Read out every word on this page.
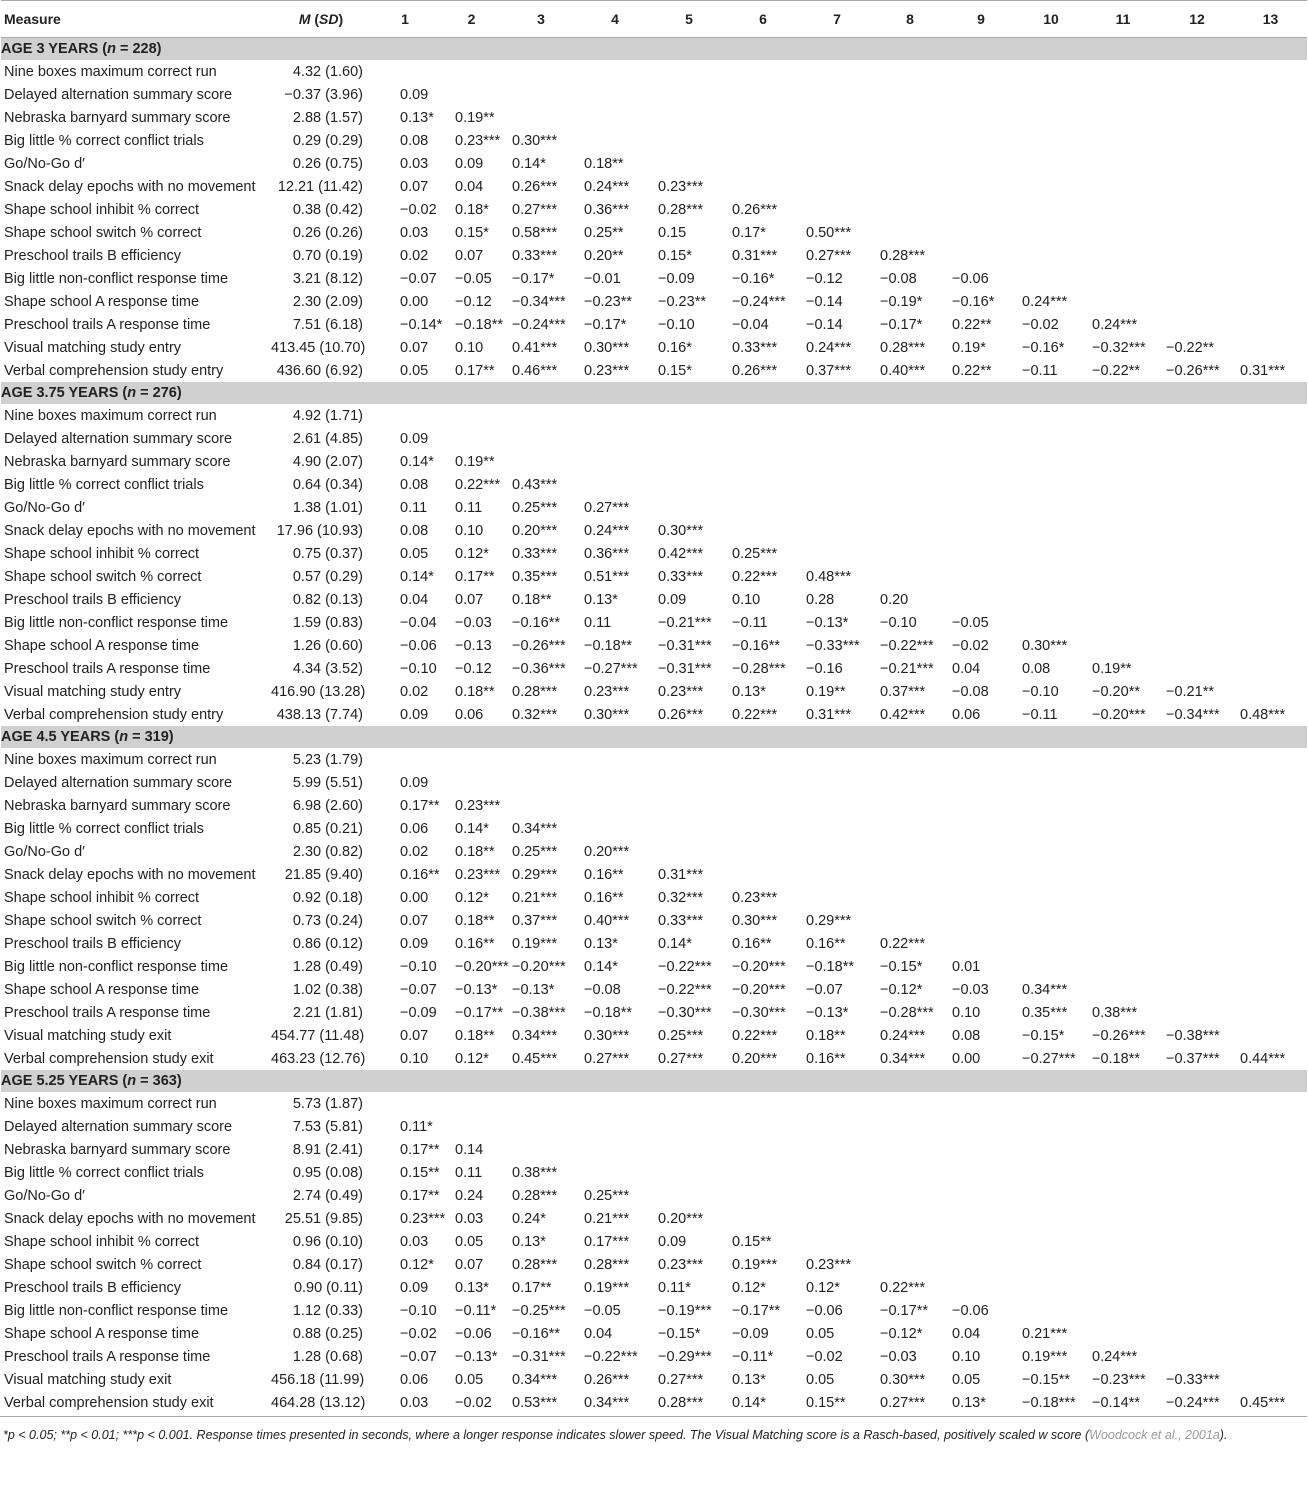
Measure	M (SD)	1	2	3	4	5	6	7	8	9	10	11	12	13
AGE 3 YEARS (n = 228)														
Nine boxes maximum correct run	4.32 (1.60)													
Delayed alternation summary score	−0.37 (3.96)	0.09												
Nebraska barnyard summary score	2.88 (1.57)	0.13*	0.19**											
Big little % correct conflict trials	0.29 (0.29)	0.08	0.23***	0.30***										
Go/No-Go d′	0.26 (0.75)	0.03	0.09	0.14*	0.18**									
Snack delay epochs with no movement	12.21 (11.42)	0.07	0.04	0.26***	0.24***	0.23***								
Shape school inhibit % correct	0.38 (0.42)	−0.02	0.18*	0.27***	0.36***	0.28***	0.26***							
Shape school switch % correct	0.26 (0.26)	0.03	0.15*	0.58***	0.25**	0.15	0.17*	0.50***						
Preschool trails B efficiency	0.70 (0.19)	0.02	0.07	0.33***	0.20**	0.15*	0.31***	0.27***	0.28***					
Big little non-conflict response time	3.21 (8.12)	−0.07	−0.05	−0.17*	−0.01	−0.09	−0.16*	−0.12	−0.08	−0.06				
Shape school A response time	2.30 (2.09)	0.00	−0.12	−0.34***	−0.23**	−0.23**	−0.24***	−0.14	−0.19*	−0.16*	0.24***			
Preschool trails A response time	7.51 (6.18)	−0.14*	−0.18**	−0.24***	−0.17*	−0.10	−0.04	−0.14	−0.17*	0.22**	−0.02	0.24***		
Visual matching study entry	413.45 (10.70)	0.07	0.10	0.41***	0.30***	0.16*	0.33***	0.24***	0.28***	0.19*	−0.16*	−0.32***	−0.22**	
Verbal comprehension study entry	436.60 (6.92)	0.05	0.17**	0.46***	0.23***	0.15*	0.26***	0.37***	0.40***	0.22**	−0.11	−0.22**	−0.26***	0.31***
AGE 3.75 YEARS (n = 276)														
Nine boxes maximum correct run	4.92 (1.71)													
Delayed alternation summary score	2.61 (4.85)	0.09												
Nebraska barnyard summary score	4.90 (2.07)	0.14*	0.19**											
Big little % correct conflict trials	0.64 (0.34)	0.08	0.22***	0.43***										
Go/No-Go d′	1.38 (1.01)	0.11	0.11	0.25***	0.27***									
Snack delay epochs with no movement	17.96 (10.93)	0.08	0.10	0.20***	0.24***	0.30***								
Shape school inhibit % correct	0.75 (0.37)	0.05	0.12*	0.33***	0.36***	0.42***	0.25***							
Shape school switch % correct	0.57 (0.29)	0.14*	0.17**	0.35***	0.51***	0.33***	0.22***	0.48***						
Preschool trails B efficiency	0.82 (0.13)	0.04	0.07	0.18**	0.13*	0.09	0.10	0.28	0.20					
Big little non-conflict response time	1.59 (0.83)	−0.04	−0.03	−0.16**	0.11	−0.21***	−0.11	−0.13*	−0.10	−0.05				
Shape school A response time	1.26 (0.60)	−0.06	−0.13	−0.26***	−0.18**	−0.31***	−0.16**	−0.33***	−0.22***	−0.02	0.30***			
Preschool trails A response time	4.34 (3.52)	−0.10	−0.12	−0.36***	−0.27***	−0.31***	−0.28***	−0.16	−0.21***	0.04	0.08	0.19**		
Visual matching study entry	416.90 (13.28)	0.02	0.18**	0.28***	0.23***	0.23***	0.13*	0.19**	0.37***	−0.08	−0.10	−0.20**	−0.21**	
Verbal comprehension study entry	438.13 (7.74)	0.09	0.06	0.32***	0.30***	0.26***	0.22***	0.31***	0.42***	0.06	−0.11	−0.20***	−0.34***	0.48***
AGE 4.5 YEARS (n = 319)														
Nine boxes maximum correct run	5.23 (1.79)													
Delayed alternation summary score	5.99 (5.51)	0.09												
Nebraska barnyard summary score	6.98 (2.60)	0.17**	0.23***											
Big little % correct conflict trials	0.85 (0.21)	0.06	0.14*	0.34***										
Go/No-Go d′	2.30 (0.82)	0.02	0.18**	0.25***	0.20***									
Snack delay epochs with no movement	21.85 (9.40)	0.16**	0.23***	0.29***	0.16**	0.31***								
Shape school inhibit % correct	0.92 (0.18)	0.00	0.12*	0.21***	0.16**	0.32***	0.23***							
Shape school switch % correct	0.73 (0.24)	0.07	0.18**	0.37***	0.40***	0.33***	0.30***	0.29***						
Preschool trails B efficiency	0.86 (0.12)	0.09	0.16**	0.19***	0.13*	0.14*	0.16**	0.16**	0.22***					
Big little non-conflict response time	1.28 (0.49)	−0.10	−0.20***	−0.20***	0.14*	−0.22***	−0.20***	−0.18**	−0.15*	0.01				
Shape school A response time	1.02 (0.38)	−0.07	−0.13*	−0.13*	−0.08	−0.22***	−0.20***	−0.07	−0.12*	−0.03	0.34***			
Preschool trails A response time	2.21 (1.81)	−0.09	−0.17**	−0.38***	−0.18**	−0.30***	−0.30***	−0.13*	−0.28***	0.10	0.35***	0.38***		
Visual matching study exit	454.77 (11.48)	0.07	0.18**	0.34***	0.30***	0.25***	0.22***	0.18**	0.24***	0.08	−0.15*	−0.26***	−0.38***	
Verbal comprehension study exit	463.23 (12.76)	0.10	0.12*	0.45***	0.27***	0.27***	0.20***	0.16**	0.34***	0.00	−0.27***	−0.18**	−0.37***	0.44***
AGE 5.25 YEARS (n = 363)														
Nine boxes maximum correct run	5.73 (1.87)													
Delayed alternation summary score	7.53 (5.81)	0.11*												
Nebraska barnyard summary score	8.91 (2.41)	0.17**	0.14											
Big little % correct conflict trials	0.95 (0.08)	0.15**	0.11	0.38***										
Go/No-Go d′	2.74 (0.49)	0.17**	0.24	0.28***	0.25***									
Snack delay epochs with no movement	25.51 (9.85)	0.23***	0.03	0.24*	0.21***	0.20***								
Shape school inhibit % correct	0.96 (0.10)	0.03	0.05	0.13*	0.17***	0.09	0.15**							
Shape school switch % correct	0.84 (0.17)	0.12*	0.07	0.28***	0.28***	0.23***	0.19***	0.23***						
Preschool trails B efficiency	0.90 (0.11)	0.09	0.13*	0.17**	0.19***	0.11*	0.12*	0.12*	0.22***					
Big little non-conflict response time	1.12 (0.33)	−0.10	−0.11*	−0.25***	−0.05	−0.19***	−0.17**	−0.06	−0.17**	−0.06				
Shape school A response time	0.88 (0.25)	−0.02	−0.06	−0.16**	0.04	−0.15*	−0.09	0.05	−0.12*	0.04	0.21***			
Preschool trails A response time	1.28 (0.68)	−0.07	−0.13*	−0.31***	−0.22***	−0.29***	−0.11*	−0.02	−0.03	0.10	0.19***	0.24***		
Visual matching study exit	456.18 (11.99)	0.06	0.05	0.34***	0.26***	0.27***	0.13*	0.05	0.30***	0.05	−0.15**	−0.23***	−0.33***	
Verbal comprehension study exit	464.28 (13.12)	0.03	−0.02	0.53***	0.34***	0.28***	0.14*	0.15**	0.27***	0.13*	−0.18***	−0.14**	−0.24***	0.45***
*p < 0.05; **p < 0.01; ***p < 0.001. Response times presented in seconds, where a longer response indicates slower speed. The Visual Matching score is a Rasch-based, positively scaled w score (Woodcock et al., 2001a).
